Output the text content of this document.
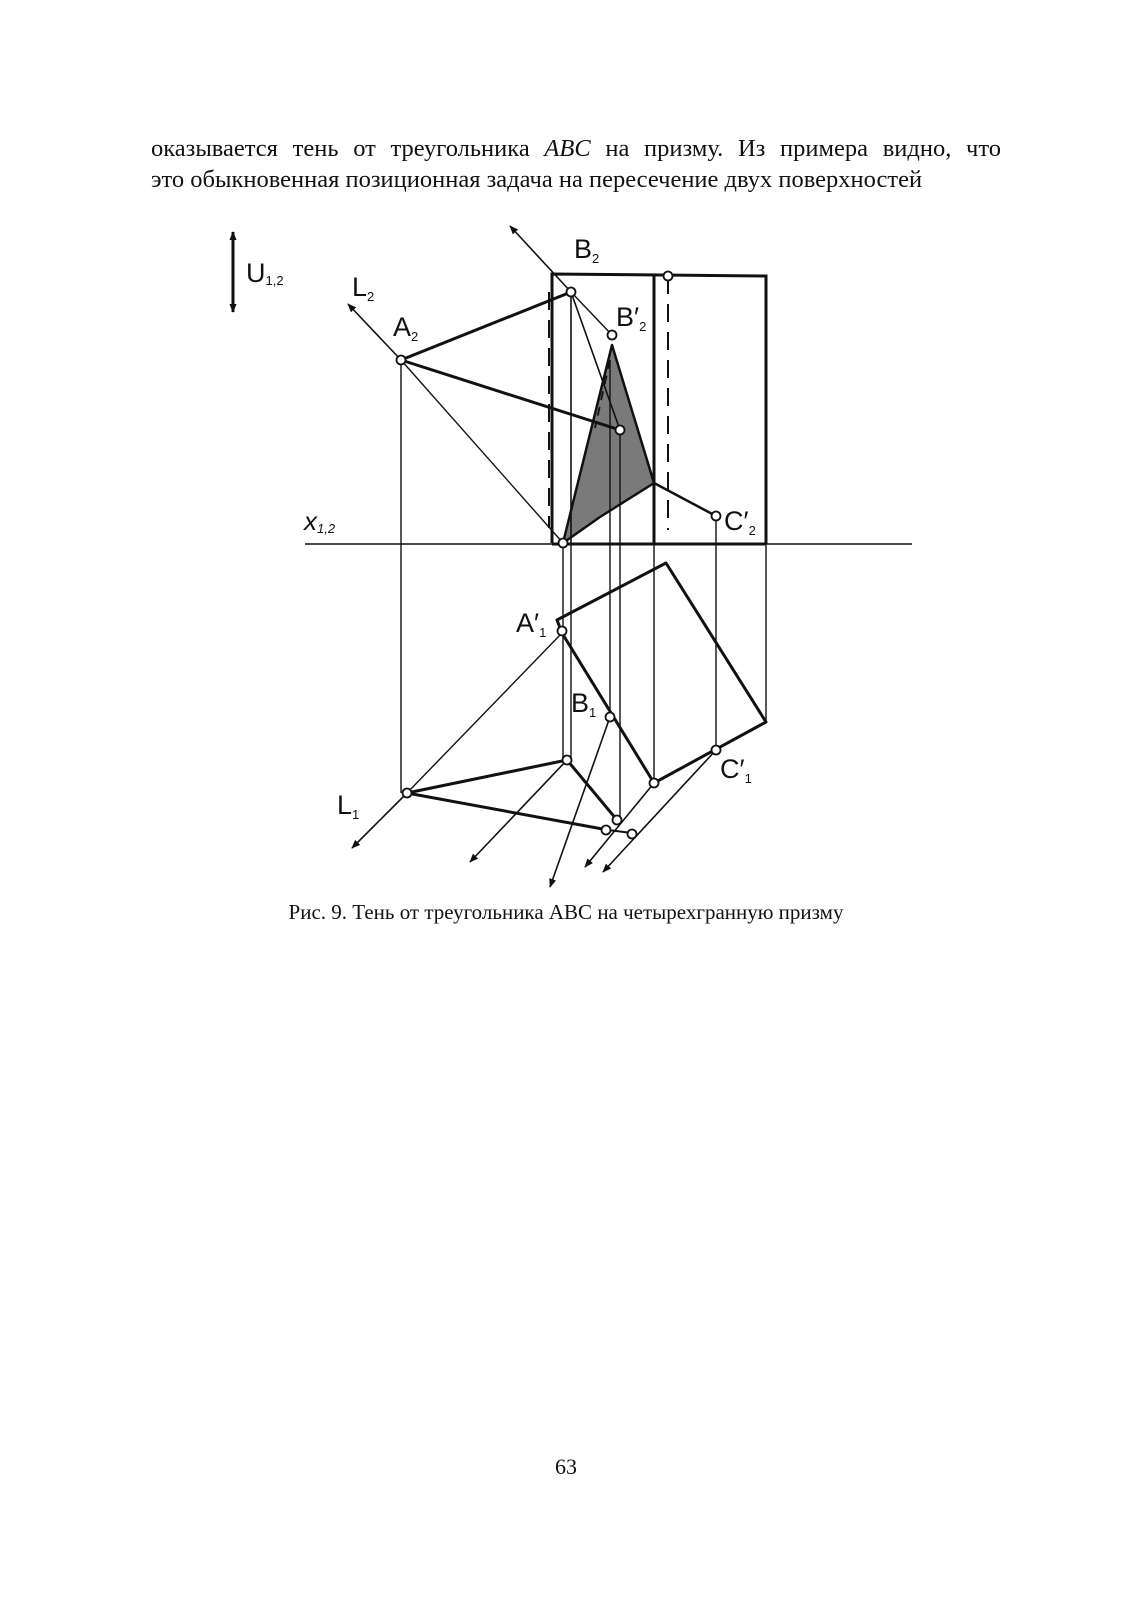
оказывается тень от треугольника ABC на призму. Из примера видно, что
это обыкновенная позиционная задача на пересечение двух поверхностей
U1,2	L2
A2
B2
B′2
C′2
x1,2
A′1
B1
C′1
L1
Рис. 9. Тень от треугольника ABC на четырехгранную призму
63
